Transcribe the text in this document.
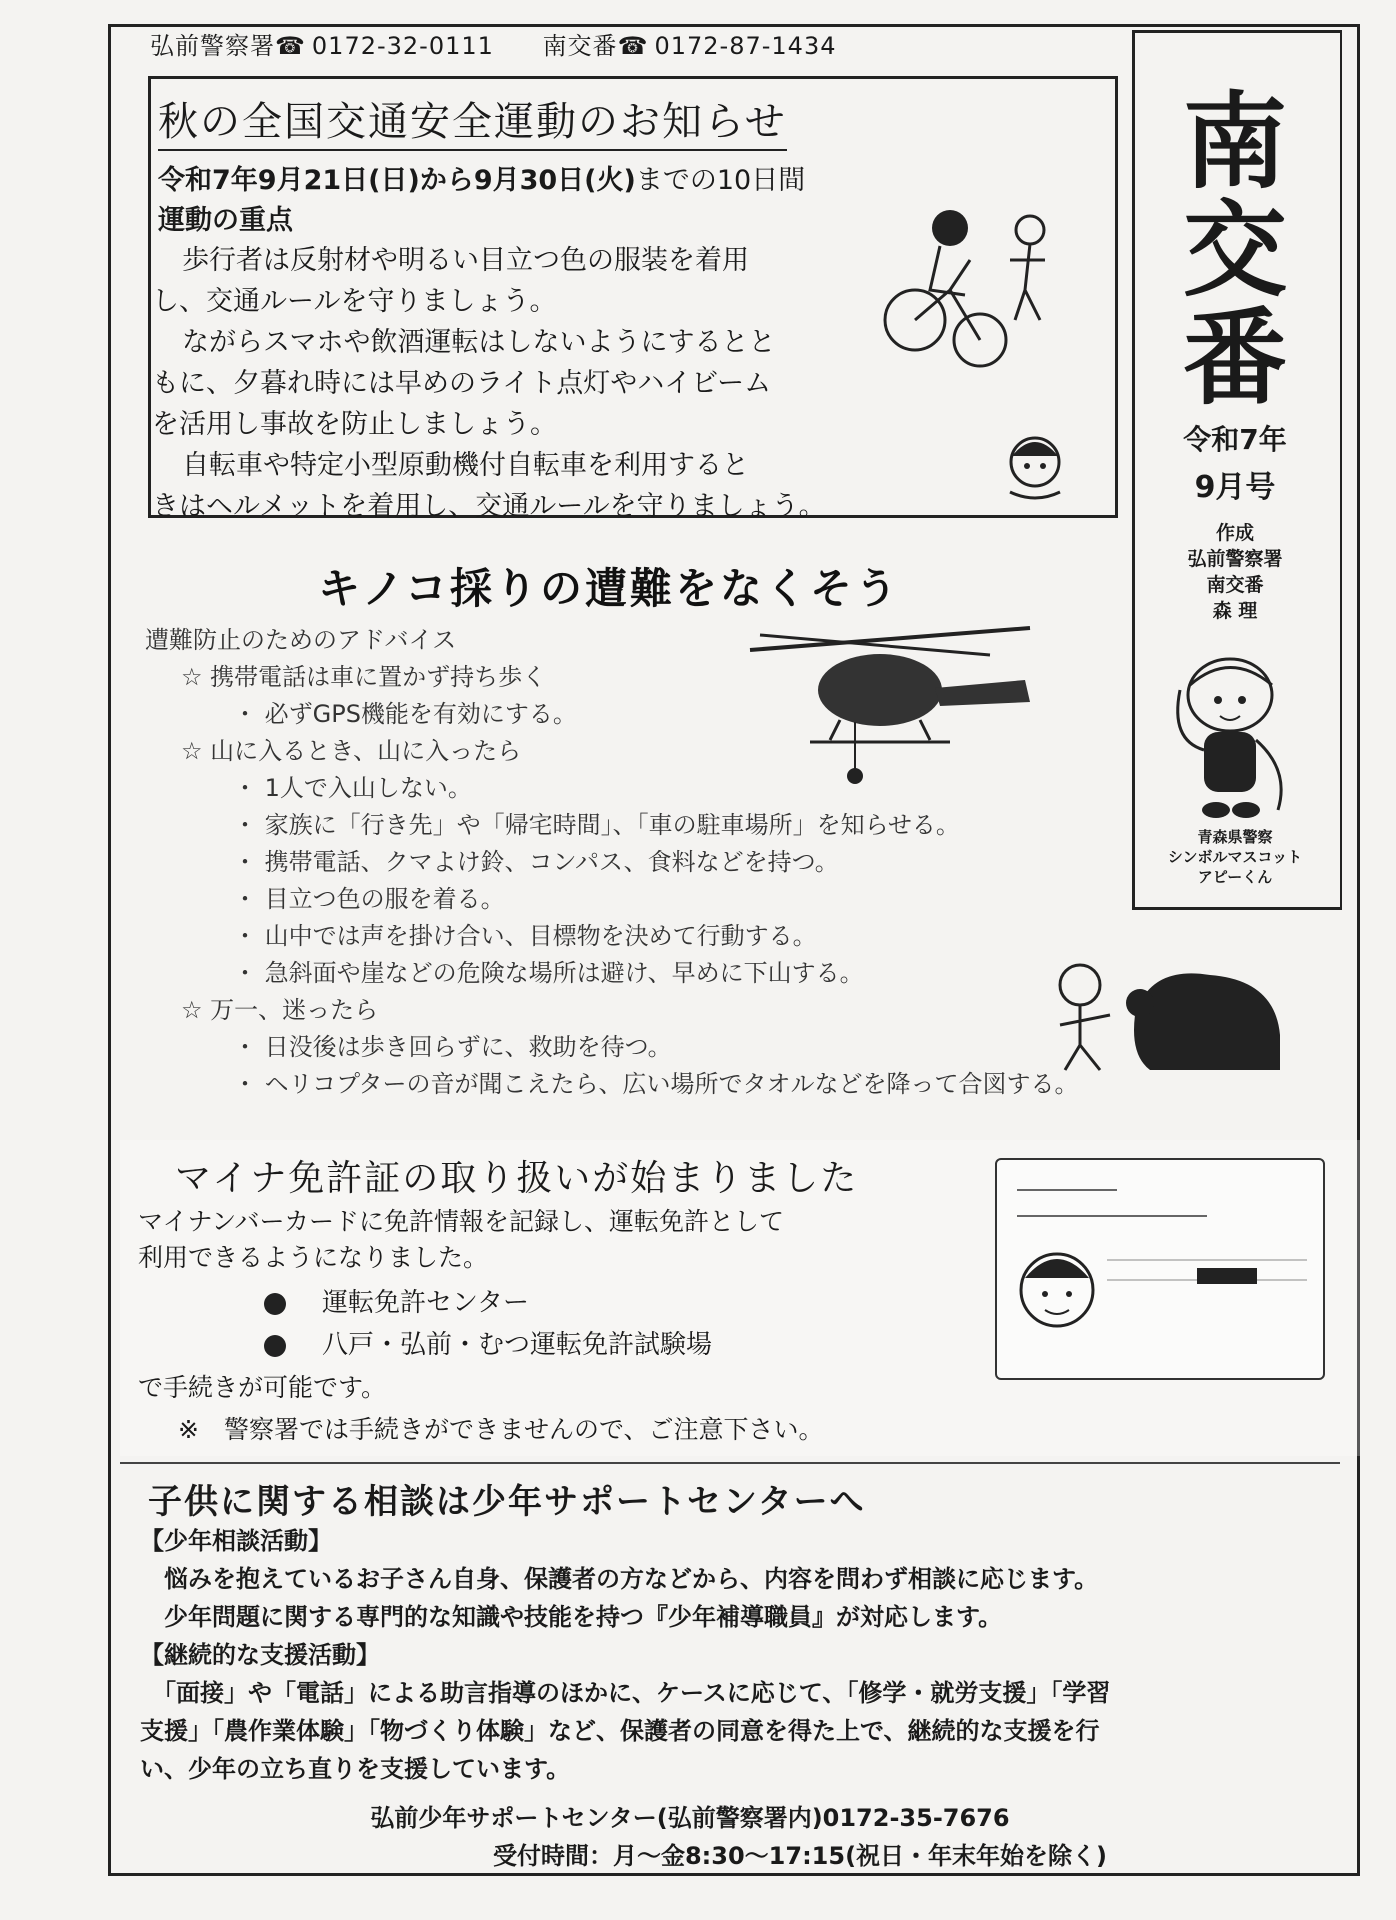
弘前警察署☎ 0172-32-0111 南交番☎ 0172-87-1434
南
交
番
令和7年
9月号
作成
弘前警察署
南交番
森 理
青森県警察
シンボルマスコット
アピーくん
秋の全国交通安全運動のお知らせ
令和7年9月21日(日)から9月30日(火)までの10日間
運動の重点

歩行者は反射材や明るい目立つ色の服装を着用

し、交通ルールを守りましょう。

ながらスマホや飲酒運転はしないようにするとと

もに、夕暮れ時には早めのライト点灯やハイビーム
を活用し事故を防止しましょう。

自転車や特定小型原動機付自転車を利用すると

きはヘルメットを着用し、交通ルールを守りましょう。
キノコ採りの遭難をなくそう
遭難防止のためのアドバイス
☆ 携帯電話は車に置かず持ち歩く
・ 必ずGPS機能を有効にする。
☆ 山に入るとき、山に入ったら
・ 1人で入山しない。
・ 家族に「行き先」や「帰宅時間」、「車の駐車場所」を知らせる。
・ 携帯電話、クマよけ鈴、コンパス、食料などを持つ。
・ 目立つ色の服を着る。
・ 山中では声を掛け合い、目標物を決めて行動する。
・ 急斜面や崖などの危険な場所は避け、早めに下山する。
☆ 万一、迷ったら
・ 日没後は歩き回らずに、救助を待つ。
・ ヘリコプターの音が聞こえたら、広い場所でタオルなどを降って合図する。
マイナ免許証の取り扱いが始まりました
マイナンバーカードに免許情報を記録し、運転免許として
利用できるようになりました。
運転免許センター
八戸・弘前・むつ運転免許試験場
で手続きが可能です。
※　警察署では手続きができませんので、ご注意下さい。
子供に関する相談は少年サポートセンターへ
【少年相談活動】
　悩みを抱えているお子さん自身、保護者の方などから、内容を問わず相談に応じます。
　少年問題に関する専門的な知識や技能を持つ『少年補導職員』が対応します。
【継続的な支援活動】
　「面接」や「電話」による助言指導のほかに、ケースに応じて、「修学・就労支援」「学習
支援」「農作業体験」「物づくり体験」など、保護者の同意を得た上で、継続的な支援を行
い、少年の立ち直りを支援しています。
弘前少年サポートセンター(弘前警察署内)0172-35-7676
受付時間：月～金8:30～17:15(祝日・年末年始を除く)
